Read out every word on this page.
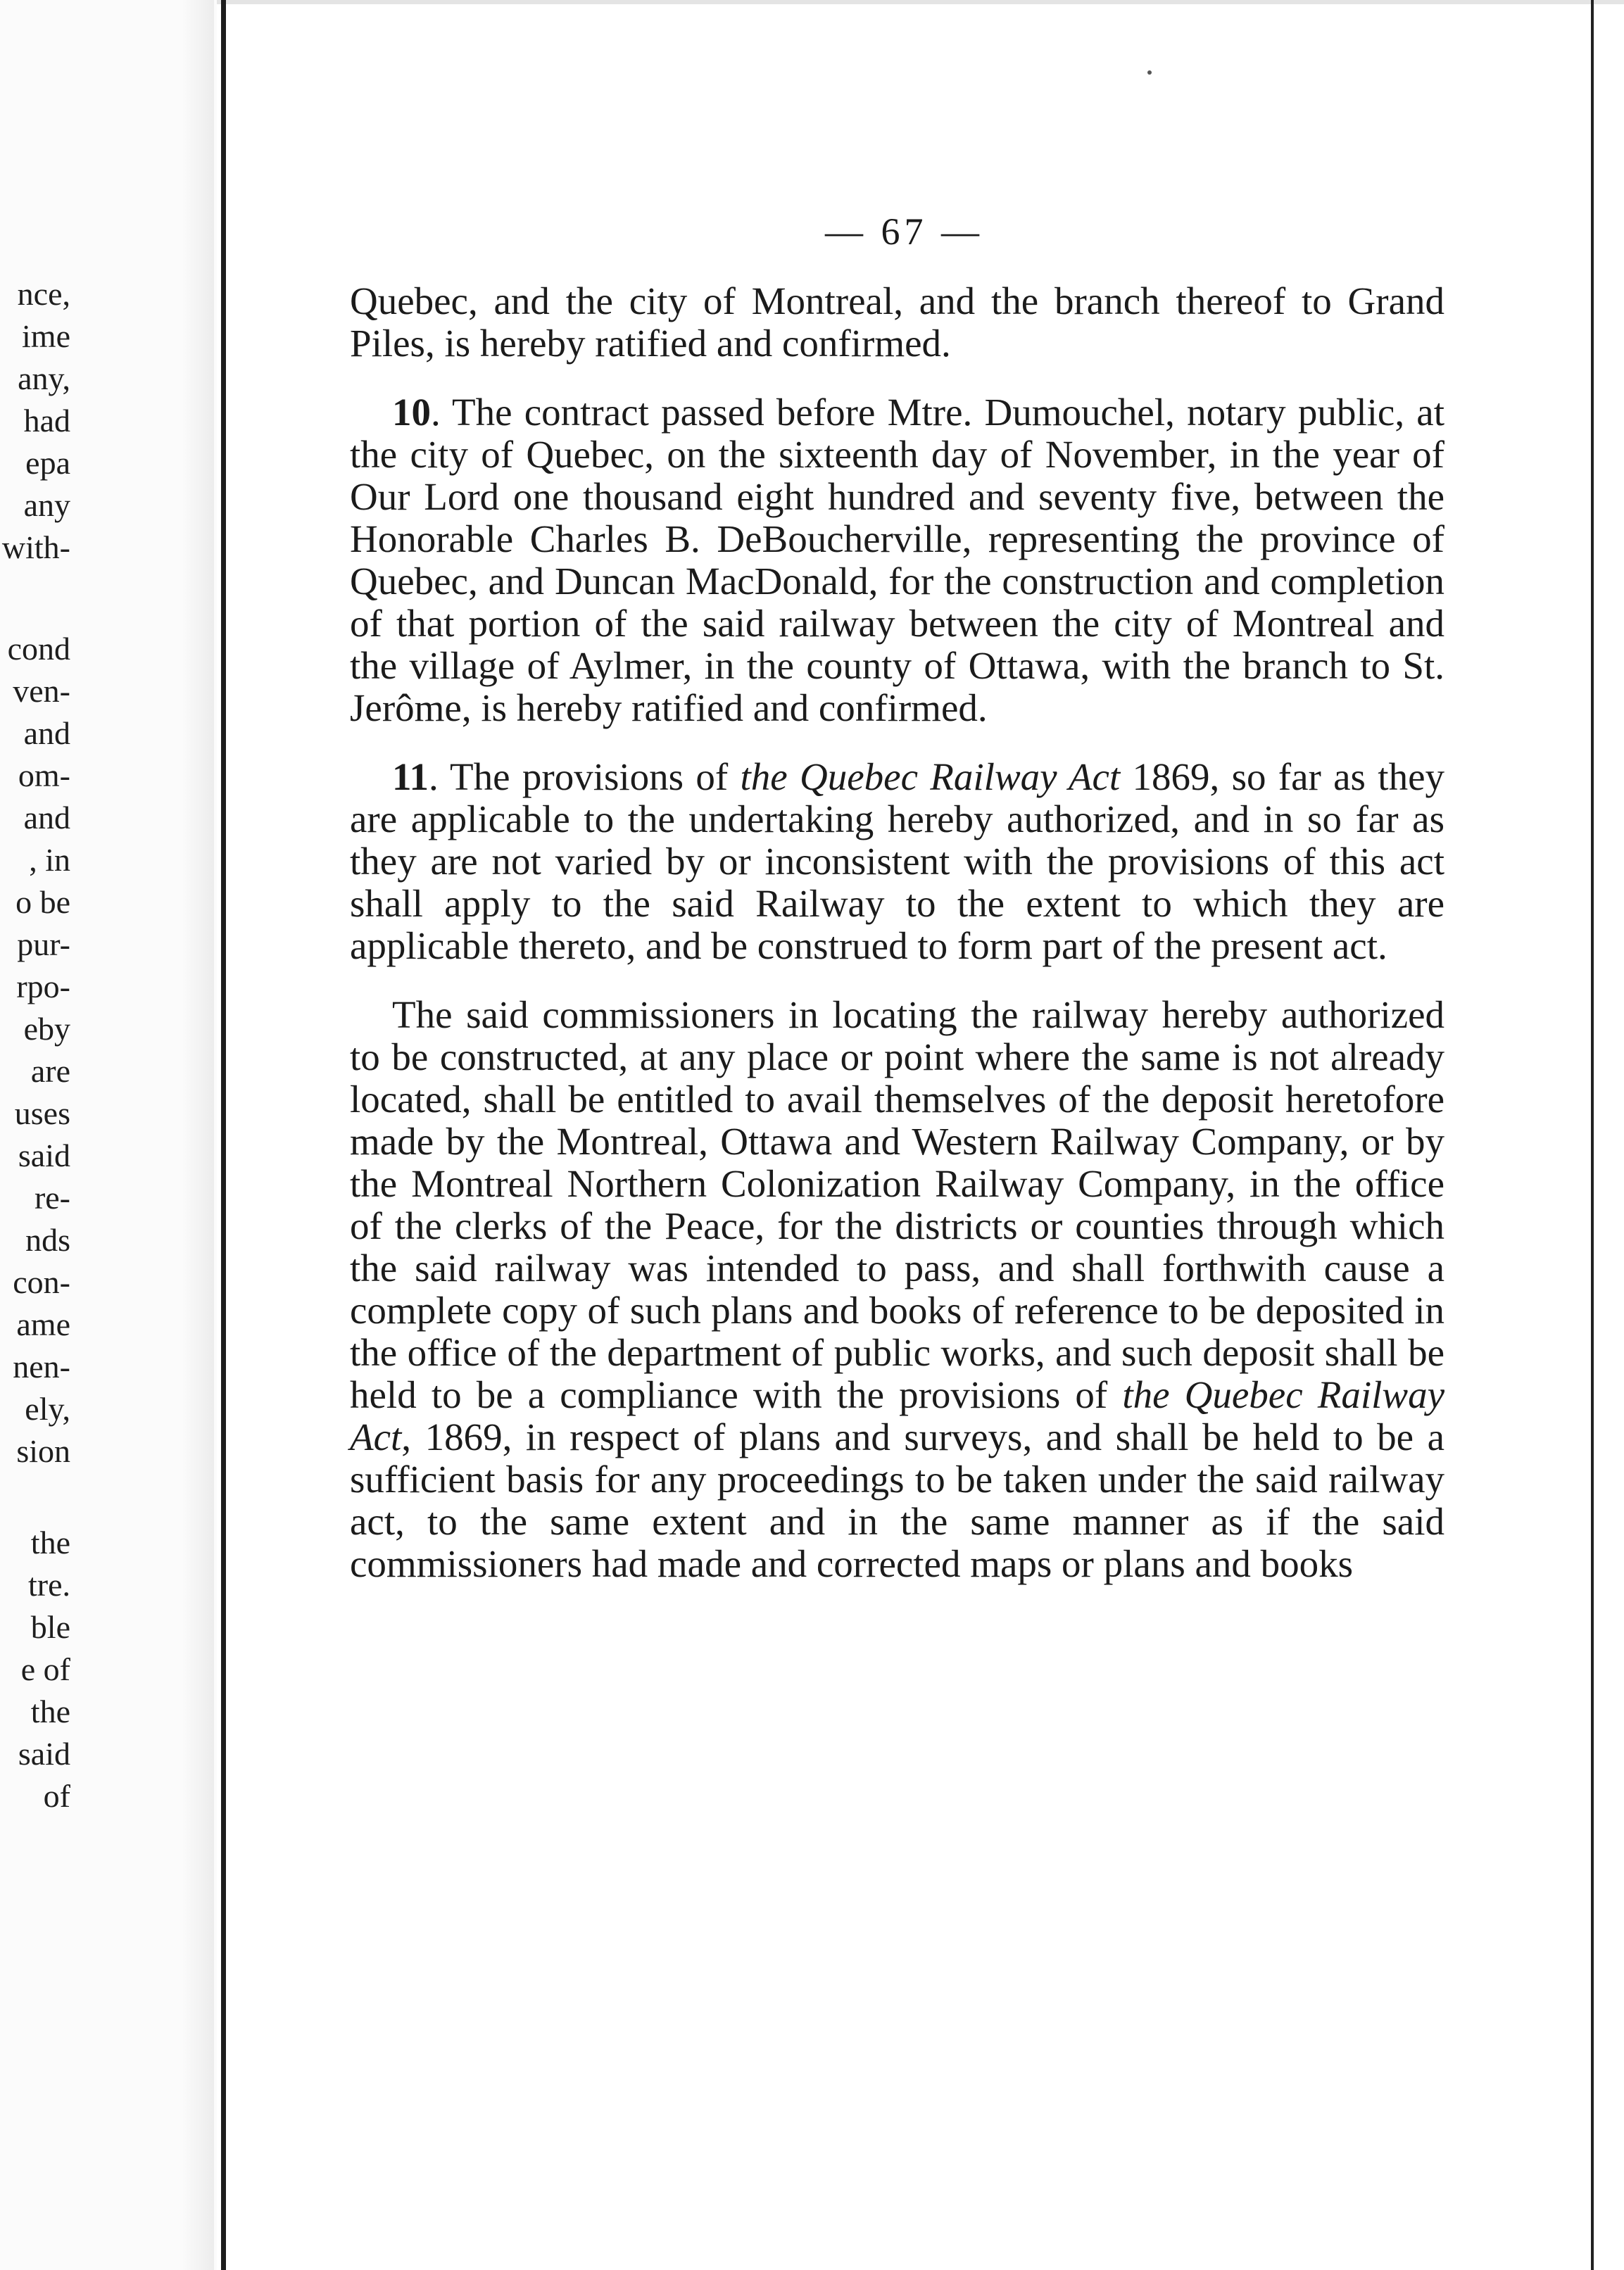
nce,
ime
any,
had
epa
any
with-
cond
ven-
and
om-
and
, in
o be
pur-
rpo-
eby
are
uses
said
re-
nds
con-
ame
nen-
ely,
sion
the
tre.
ble
e of
the
said
of
— 67 —

Quebec, and the city of Montreal, and the branch thereof to Grand Piles, is hereby ratified and confirmed.

10. The contract passed before Mtre. Dumouchel, notary public, at the city of Quebec, on the sixteenth day of November, in the year of Our Lord one thousand eight hundred and seventy five, between the Honorable Charles B. DeBoucherville, representing the province of Quebec, and Duncan MacDonald, for the construction and completion of that portion of the said railway between the city of Montreal and the village of Aylmer, in the county of Ottawa, with the branch to St. Jerôme, is hereby ratified and confirmed.

11. The provisions of the Quebec Railway Act 1869, so far as they are applicable to the undertaking hereby authorized, and in so far as they are not varied by or inconsistent with the provisions of this act shall apply to the said Railway to the extent to which they are applicable thereto, and be construed to form part of the present act.

The said commissioners in locating the railway hereby authorized to be constructed, at any place or point where the same is not already located, shall be entitled to avail themselves of the deposit heretofore made by the Montreal, Ottawa and Western Railway Company, or by the Montreal Northern Colonization Railway Company, in the office of the clerks of the Peace, for the districts or counties through which the said railway was intended to pass, and shall forthwith cause a complete copy of such plans and books of reference to be deposited in the office of the department of public works, and such deposit shall be held to be a compliance with the provisions of the Quebec Railway Act, 1869, in respect of plans and surveys, and shall be held to be a sufficient basis for any proceedings to be taken under the said railway act, to the same extent and in the same manner as if the said commissioners had made and corrected maps or plans and books
